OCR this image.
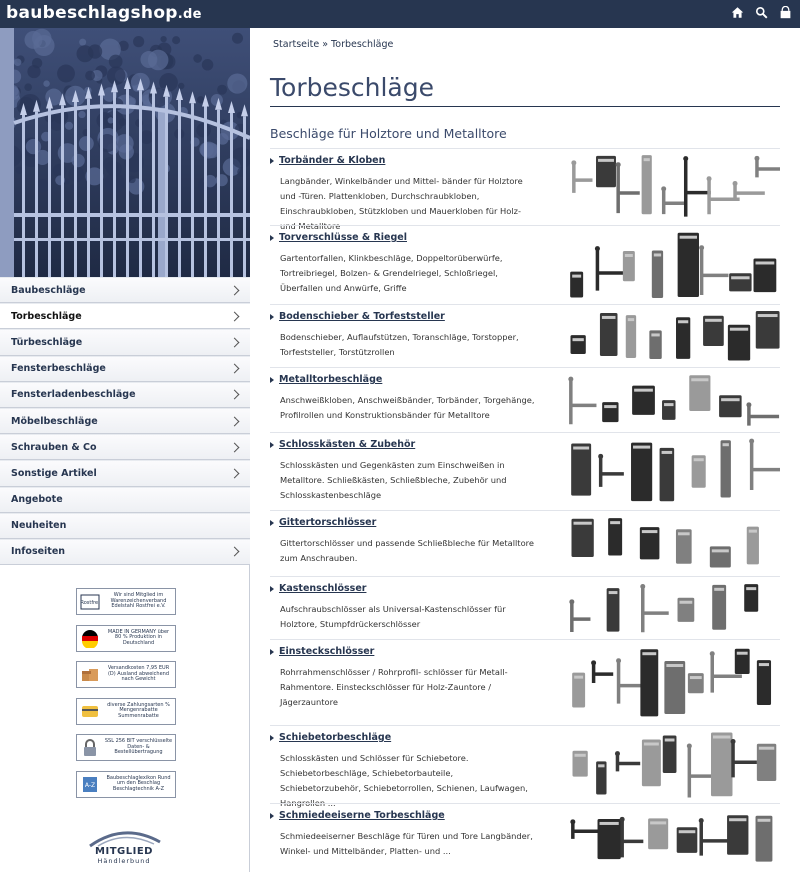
baubeschlagshop.de
Baubeschläge
Torbeschläge
Türbeschläge
Fensterbeschläge
Fensterladenbeschläge
Möbelbeschläge
Schrauben & Co
Sonstige Artikel
Angebote
Neuheiten
Infoseiten
Rostfrei
Wir sind Mitglied im Warenzeichenverband Edelstahl Rostfrei e.V.
MADE IN GERMANY über 80 % Produktion in Deutschland
Versandkosten 7,95 EUR (D) Ausland abweichend nach Gewicht
diverse Zahlungsarten % Mengenrabatte Summenrabatte
SSL 256 BIT verschlüsselte Daten- & Bestellübertragung
A-Z
Baubeschlaglexikon Rund um den Beschlag Beschlagtechnik A-Z
MITGLIED
Händlerbund
Startseite » Torbeschläge
Torbeschläge
Beschläge für Holztore und Metalltore
Torbänder & Kloben
Langbänder, Winkelbänder und Mittel- bänder für Holztore und -Türen. Plattenkloben, Durchschraubkloben, Einschraubkloben, Stützkloben und Mauerkloben für Holz- und Metalltore
Torverschlüsse & Riegel
Gartentorfallen, Klinkbeschläge, Doppeltorüberwürfe, Tortreibriegel, Bolzen- & Grendelriegel, Schloßriegel, Überfallen und Anwürfe, Griffe
Bodenschieber & Torfeststeller
Bodenschieber, Auflaufstützen, Toranschläge, Torstopper, Torfeststeller, Torstützrollen
Metalltorbeschläge
Anschweißkloben, Anschweißbänder, Torbänder, Torgehänge, Profilrollen und Konstruktionsbänder für Metalltore
Schlosskästen & Zubehör
Schlosskästen und Gegenkästen zum Einschweißen in Metalltore. Schließkästen, Schließbleche, Zubehör und Schlosskastenbeschläge
Gittertorschlösser
Gittertorschlösser und passende Schließbleche für Metalltore zum Anschrauben.
Kastenschlösser
Aufschraubschlösser als Universal-Kastenschlösser für Holztore, Stumpfdrückerschlösser
Einsteckschlösser
Rohrrahmenschlösser / Rohrprofil- schlösser für Metall-Rahmentore. Einsteckschlösser für Holz-Zauntore / Jägerzauntore
Schiebetorbeschläge
Schlosskästen und Schlösser für Schiebetore. Schiebetorbeschläge, Schiebetorbauteile, Schiebetorzubehör, Schiebetorrollen, Schienen, Laufwagen, Hangrollen ...
Schmiedeeiserne Torbeschläge
Schmiedeeiserner Beschläge für Türen und Tore Langbänder, Winkel- und Mittelbänder, Platten- und ...
